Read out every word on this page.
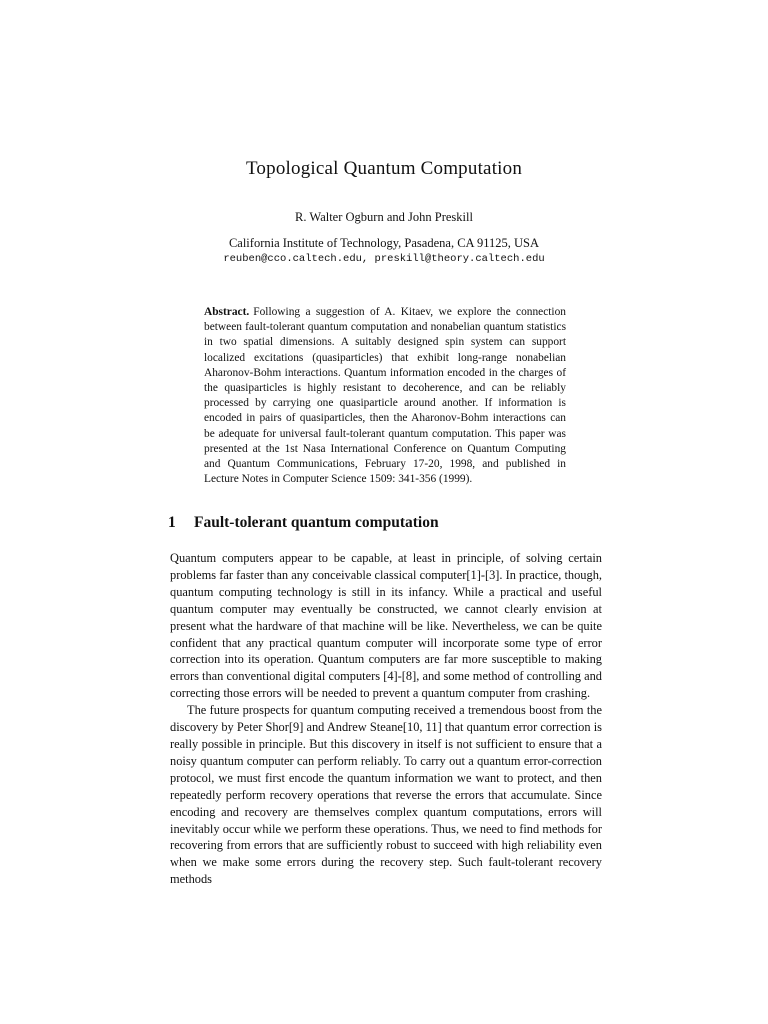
Topological Quantum Computation

R. Walter Ogburn and John Preskill

California Institute of Technology, Pasadena, CA 91125, USA

reuben@cco.caltech.edu, preskill@theory.caltech.edu

Abstract. Following a suggestion of A. Kitaev, we explore the connection between fault-tolerant quantum computation and nonabelian quantum statistics in two spatial dimensions. A suitably designed spin system can support localized excitations (quasiparticles) that exhibit long-range nonabelian Aharonov-Bohm interactions. Quantum information encoded in the charges of the quasiparticles is highly resistant to decoherence, and can be reliably processed by carrying one quasiparticle around another. If information is encoded in pairs of quasiparticles, then the Aharonov-Bohm interactions can be adequate for universal fault-tolerant quantum computation. This paper was presented at the 1st Nasa International Conference on Quantum Computing and Quantum Communications, February 17-20, 1998, and published in Lecture Notes in Computer Science 1509: 341-356 (1999).

1 Fault-tolerant quantum computation

Quantum computers appear to be capable, at least in principle, of solving certain problems far faster than any conceivable classical computer[1]-[3]. In practice, though, quantum computing technology is still in its infancy. While a practical and useful quantum computer may eventually be constructed, we cannot clearly envision at present what the hardware of that machine will be like. Nevertheless, we can be quite confident that any practical quantum computer will incorporate some type of error correction into its operation. Quantum computers are far more susceptible to making errors than conventional digital computers [4]-[8], and some method of controlling and correcting those errors will be needed to prevent a quantum computer from crashing.

The future prospects for quantum computing received a tremendous boost from the discovery by Peter Shor[9] and Andrew Steane[10, 11] that quantum error correction is really possible in principle. But this discovery in itself is not sufficient to ensure that a noisy quantum computer can perform reliably. To carry out a quantum error-correction protocol, we must first encode the quantum information we want to protect, and then repeatedly perform recovery operations that reverse the errors that accumulate. Since encoding and recovery are themselves complex quantum computations, errors will inevitably occur while we perform these operations. Thus, we need to find methods for recovering from errors that are sufficiently robust to succeed with high reliability even when we make some errors during the recovery step. Such fault-tolerant recovery methods
